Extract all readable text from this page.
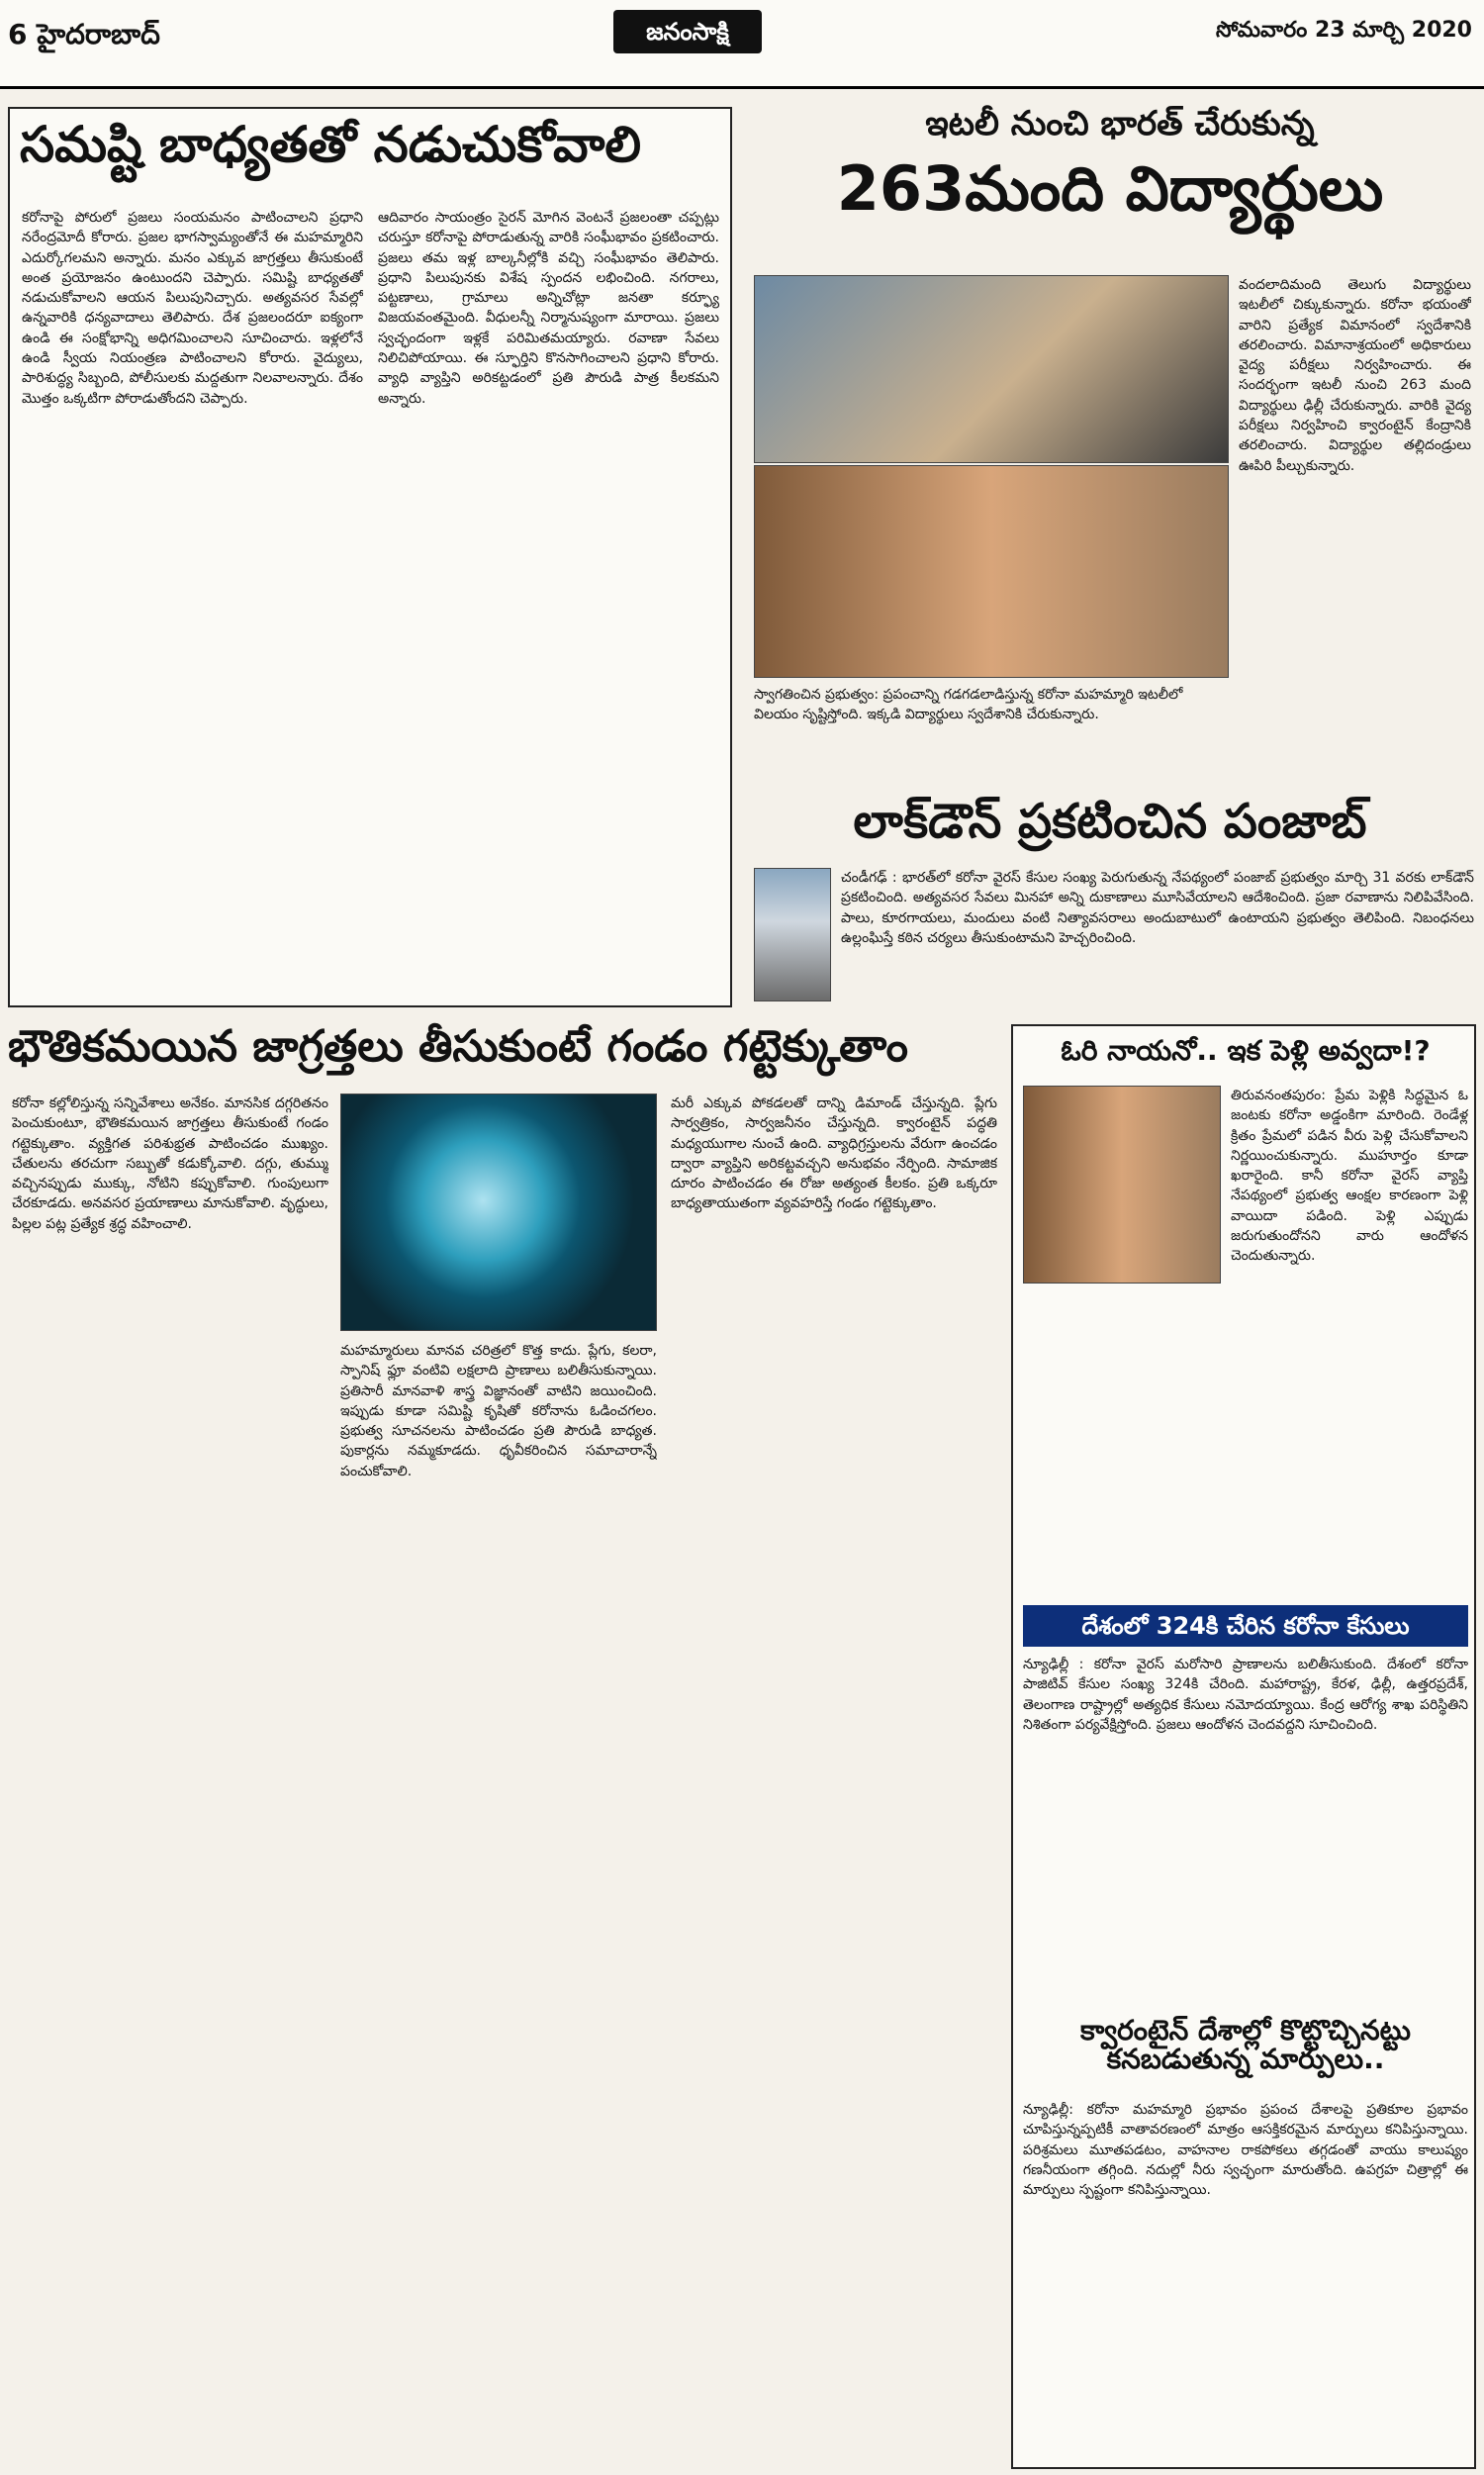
6 హైదరాబాద్	జనంసాక్షి	సోమవారం 23 మార్చి 2020
సమష్టి బాధ్యతతో నడుచుకోవాలి
కరోనాపై పోరులో ప్రజలు సంయమనం పాటించాలని ప్రధాని నరేంద్రమోదీ కోరారు. ప్రజల భాగస్వామ్యంతోనే ఈ మహమ్మారిని ఎదుర్కోగలమని అన్నారు. మనం ఎక్కువ జాగ్రత్తలు తీసుకుంటే అంత ప్రయోజనం ఉంటుందని చెప్పారు. సమిష్టి బాధ్యతతో నడుచుకోవాలని ఆయన పిలుపునిచ్చారు. అత్యవసర సేవల్లో ఉన్నవారికి ధన్యవాదాలు తెలిపారు. దేశ ప్రజలందరూ ఐక్యంగా ఉండి ఈ సంక్షోభాన్ని అధిగమించాలని సూచించారు. ఇళ్లలోనే ఉండి స్వీయ నియంత్రణ పాటించాలని కోరారు. వైద్యులు, పారిశుద్ధ్య సిబ్బంది, పోలీసులకు మద్దతుగా నిలవాలన్నారు. దేశం మొత్తం ఒక్కటిగా పోరాడుతోందని చెప్పారు.
ఆదివారం సాయంత్రం సైరన్ మోగిన వెంటనే ప్రజలంతా చప్పట్లు చరుస్తూ కరోనాపై పోరాడుతున్న వారికి సంఘీభావం ప్రకటించారు. ప్రజలు తమ ఇళ్ల బాల్కనీల్లోకి వచ్చి సంఘీభావం తెలిపారు. ప్రధాని పిలుపునకు విశేష స్పందన లభించింది. నగరాలు, పట్టణాలు, గ్రామాలు అన్నిచోట్లా జనతా కర్ఫ్యూ విజయవంతమైంది. వీధులన్నీ నిర్మానుష్యంగా మారాయి. ప్రజలు స్వచ్ఛందంగా ఇళ్లకే పరిమితమయ్యారు. రవాణా సేవలు నిలిచిపోయాయి. ఈ స్ఫూర్తిని కొనసాగించాలని ప్రధాని కోరారు. వ్యాధి వ్యాప్తిని అరికట్టడంలో ప్రతి పౌరుడి పాత్ర కీలకమని అన్నారు.
ఇటలీ నుంచి భారత్ చేరుకున్న
263మంది విద్యార్థులు
స్వాగతించిన ప్రభుత్వం: ప్రపంచాన్ని గడగడలాడిస్తున్న కరోనా మహమ్మారి ఇటలీలో విలయం సృష్టిస్తోంది. ఇక్కడి విద్యార్థులు స్వదేశానికి చేరుకున్నారు.
వందలాదిమంది తెలుగు విద్యార్థులు ఇటలీలో చిక్కుకున్నారు. కరోనా భయంతో వారిని ప్రత్యేక విమానంలో స్వదేశానికి తరలించారు. విమానాశ్రయంలో అధికారులు వైద్య పరీక్షలు నిర్వహించారు. ఈ సందర్భంగా ఇటలీ నుంచి 263 మంది విద్యార్థులు ఢిల్లీ చేరుకున్నారు. వారికి వైద్య పరీక్షలు నిర్వహించి క్వారంటైన్ కేంద్రానికి తరలించారు. విద్యార్థుల తల్లిదండ్రులు ఊపిరి పీల్చుకున్నారు.
లాక్‌డౌన్ ప్రకటించిన పంజాబ్
చండీగఢ్ : భారత్‌లో కరోనా వైరస్ కేసుల సంఖ్య పెరుగుతున్న నేపథ్యంలో పంజాబ్ ప్రభుత్వం మార్చి 31 వరకు లాక్‌డౌన్ ప్రకటించింది. అత్యవసర సేవలు మినహా అన్ని దుకాణాలు మూసివేయాలని ఆదేశించింది. ప్రజా రవాణాను నిలిపివేసింది. పాలు, కూరగాయలు, మందులు వంటి నిత్యావసరాలు అందుబాటులో ఉంటాయని ప్రభుత్వం తెలిపింది. నిబంధనలు ఉల్లంఘిస్తే కఠిన చర్యలు తీసుకుంటామని హెచ్చరించింది.
భౌతికమయిన జాగ్రత్తలు తీసుకుంటే గండం గట్టెక్కుతాం
కరోనా కల్లోలిస్తున్న సన్నివేశాలు అనేకం. మానసిక దగ్గరితనం పెంచుకుంటూ, భౌతికమయిన జాగ్రత్తలు తీసుకుంటే గండం గట్టెక్కుతాం. వ్యక్తిగత పరిశుభ్రత పాటించడం ముఖ్యం. చేతులను తరచుగా సబ్బుతో కడుక్కోవాలి. దగ్గు, తుమ్ము వచ్చినప్పుడు ముక్కు, నోటిని కప్పుకోవాలి. గుంపులుగా చేరకూడదు. అనవసర ప్రయాణాలు మానుకోవాలి. వృద్ధులు, పిల్లల పట్ల ప్రత్యేక శ్రద్ధ వహించాలి.
మహమ్మారులు మానవ చరిత్రలో కొత్త కాదు. ప్లేగు, కలరా, స్పానిష్ ఫ్లూ వంటివి లక్షలాది ప్రాణాలు బలితీసుకున్నాయి. ప్రతిసారీ మానవాళి శాస్త్ర విజ్ఞానంతో వాటిని జయించింది. ఇప్పుడు కూడా సమిష్టి కృషితో కరోనాను ఓడించగలం. ప్రభుత్వ సూచనలను పాటించడం ప్రతి పౌరుడి బాధ్యత. పుకార్లను నమ్మకూడదు. ధృవీకరించిన సమాచారాన్నే పంచుకోవాలి.
మరీ ఎక్కువ పోకడలతో దాన్ని డిమాండ్ చేస్తున్నది. ప్లేగు సార్వత్రికం, సార్వజనీనం చేస్తున్నది. క్వారంటైన్ పద్ధతి మధ్యయుగాల నుంచే ఉంది. వ్యాధిగ్రస్తులను వేరుగా ఉంచడం ద్వారా వ్యాప్తిని అరికట్టవచ్చని అనుభవం నేర్పింది. సామాజిక దూరం పాటించడం ఈ రోజు అత్యంత కీలకం. ప్రతి ఒక్కరూ బాధ్యతాయుతంగా వ్యవహరిస్తే గండం గట్టెక్కుతాం.
ఓరి నాయనో.. ఇక పెళ్లి అవ్వదా!?
తిరువనంతపురం: ప్రేమ పెళ్లికి సిద్ధమైన ఓ జంటకు కరోనా అడ్డంకిగా మారింది. రెండేళ్ల క్రితం ప్రేమలో పడిన వీరు పెళ్లి చేసుకోవాలని నిర్ణయించుకున్నారు. ముహూర్తం కూడా ఖరారైంది. కానీ కరోనా వైరస్ వ్యాప్తి నేపథ్యంలో ప్రభుత్వ ఆంక్షల కారణంగా పెళ్లి వాయిదా పడింది. పెళ్లి ఎప్పుడు జరుగుతుందోనని వారు ఆందోళన చెందుతున్నారు.
దేశంలో 324కి చేరిన కరోనా కేసులు
న్యూఢిల్లీ : కరోనా వైరస్ మరోసారి ప్రాణాలను బలితీసుకుంది. దేశంలో కరోనా పాజిటివ్ కేసుల సంఖ్య 324కి చేరింది. మహారాష్ట్ర, కేరళ, ఢిల్లీ, ఉత్తరప్రదేశ్, తెలంగాణ రాష్ట్రాల్లో అత్యధిక కేసులు నమోదయ్యాయి. కేంద్ర ఆరోగ్య శాఖ పరిస్థితిని నిశితంగా పర్యవేక్షిస్తోంది. ప్రజలు ఆందోళన చెందవద్దని సూచించింది.
క్వారంటైన్ దేశాల్లో కొట్టొచ్చినట్టు కనబడుతున్న మార్పులు..
న్యూఢిల్లీ: కరోనా మహమ్మారి ప్రభావం ప్రపంచ దేశాలపై ప్రతికూల ప్రభావం చూపిస్తున్నప్పటికీ వాతావరణంలో మాత్రం ఆసక్తికరమైన మార్పులు కనిపిస్తున్నాయి. పరిశ్రమలు మూతపడటం, వాహనాల రాకపోకలు తగ్గడంతో వాయు కాలుష్యం గణనీయంగా తగ్గింది. నదుల్లో నీరు స్వచ్ఛంగా మారుతోంది. ఉపగ్రహ చిత్రాల్లో ఈ మార్పులు స్పష్టంగా కనిపిస్తున్నాయి.
